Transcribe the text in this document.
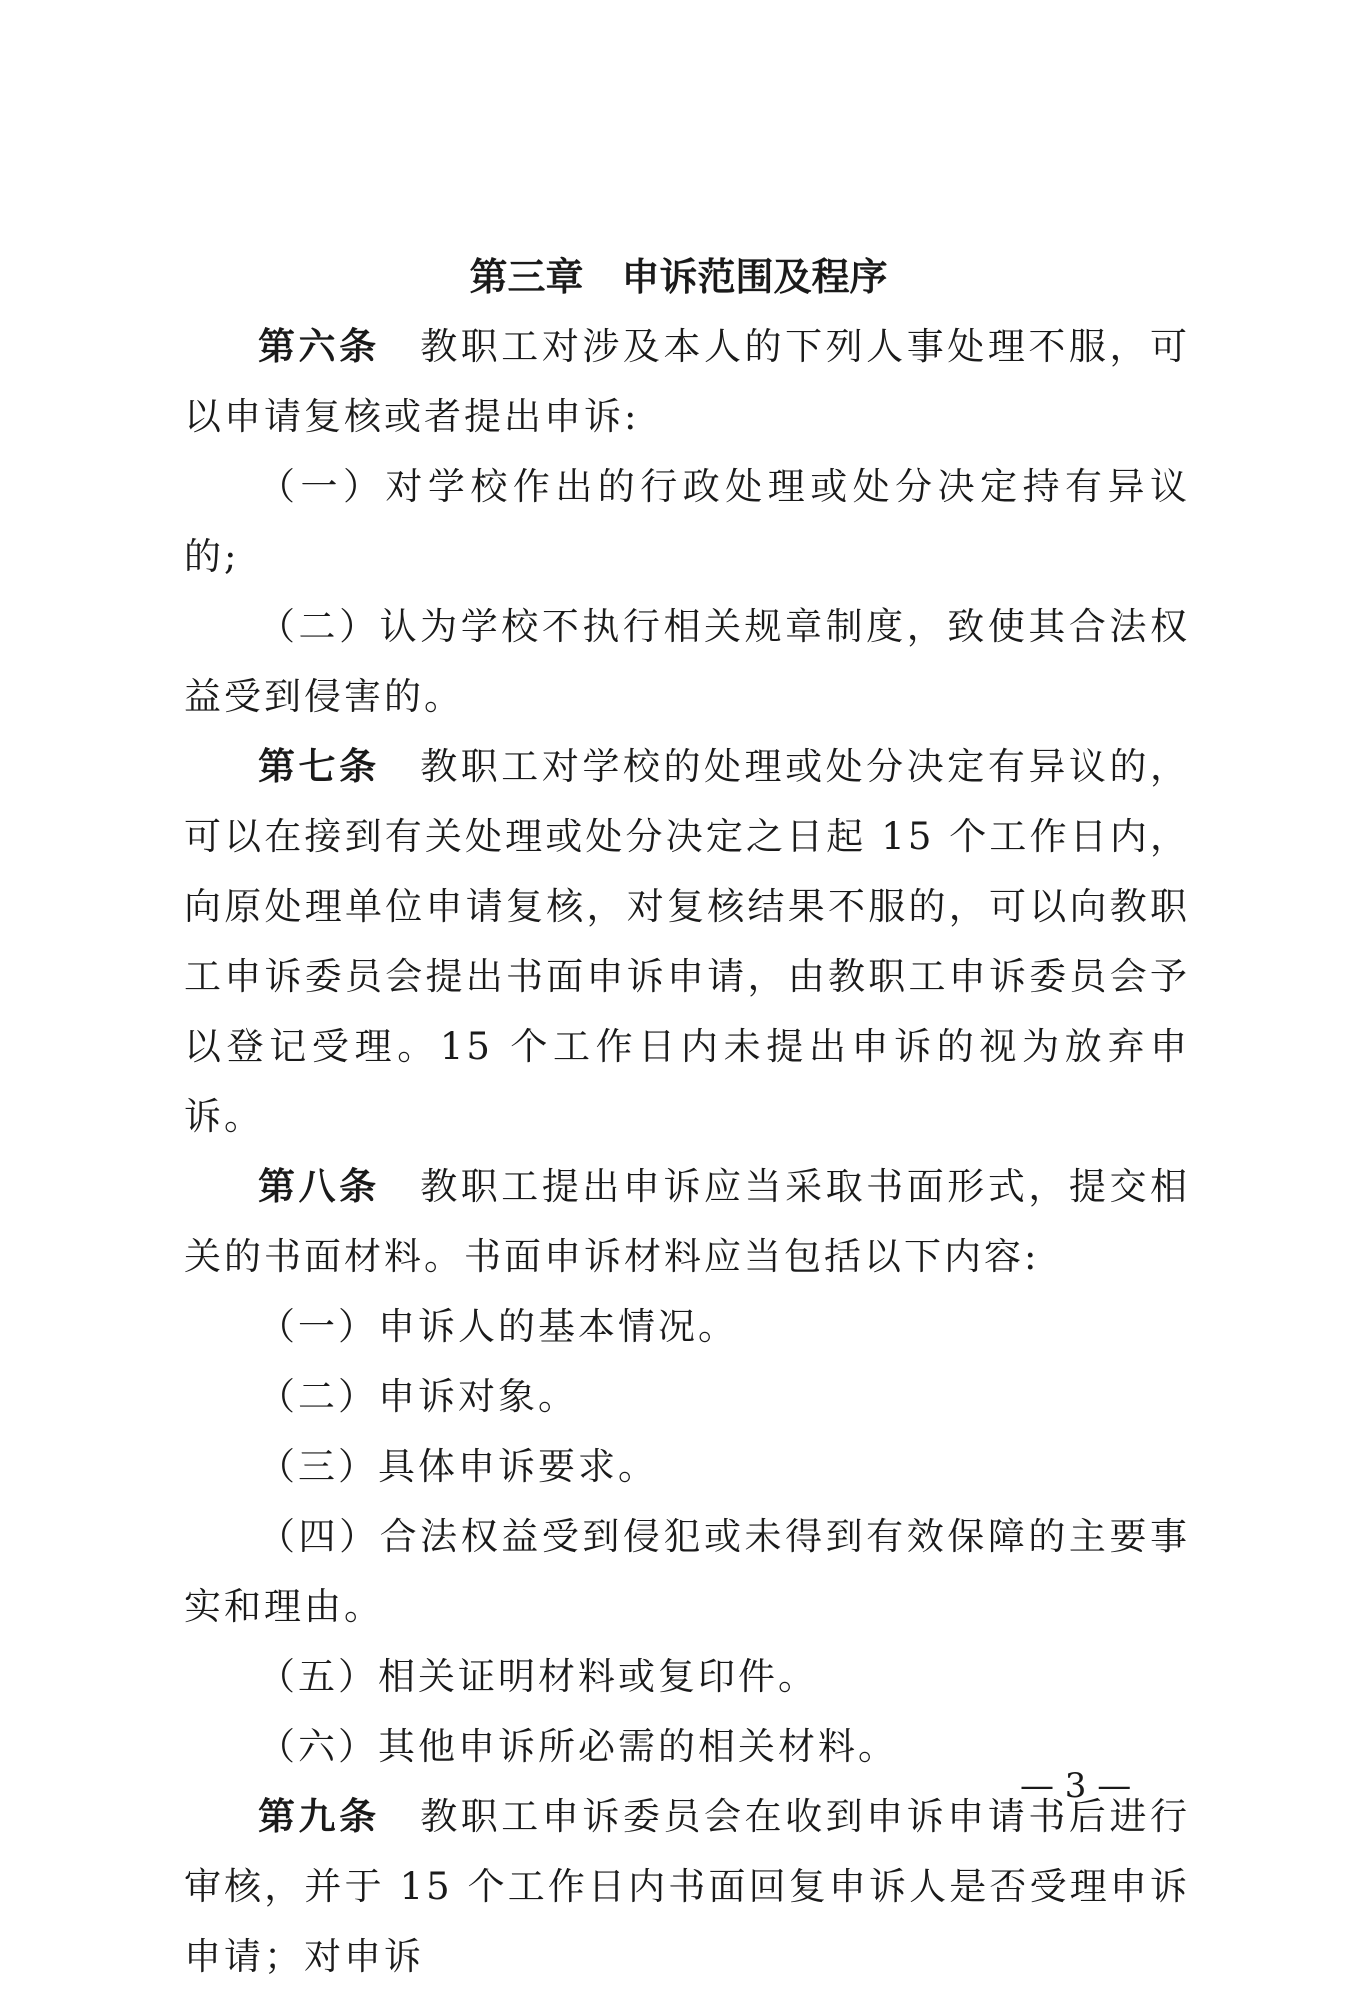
第三章　申诉范围及程序

第六条　 教职工对涉及本人的下列人事处理不服，可以申请复核或者提出申诉:

（一）对学校作出的行政处理或处分决定持有异议的;

（二）认为学校不执行相关规章制度，致使其合法权益受到侵害的。

第七条　 教职工对学校的处理或处分决定有异议的，可以在接到有关处理或处分决定之日起 15 个工作日内，向原处理单位申请复核，对复核结果不服的，可以向教职工申诉委员会提出书面申诉申请，由教职工申诉委员会予以登记受理。15 个工作日内未提出申诉的视为放弃申诉。

第八条　 教职工提出申诉应当采取书面形式，提交相关的书面材料。书面申诉材料应当包括以下内容:

（一）申诉人的基本情况。

（二）申诉对象。

（三）具体申诉要求。

（四）合法权益受到侵犯或未得到有效保障的主要事实和理由。

（五）相关证明材料或复印件。

（六）其他申诉所必需的相关材料。

第九条　 教职工申诉委员会在收到申诉申请书后进行审核，并于 15 个工作日内书面回复申诉人是否受理申诉申请；对申诉

— 3 —
